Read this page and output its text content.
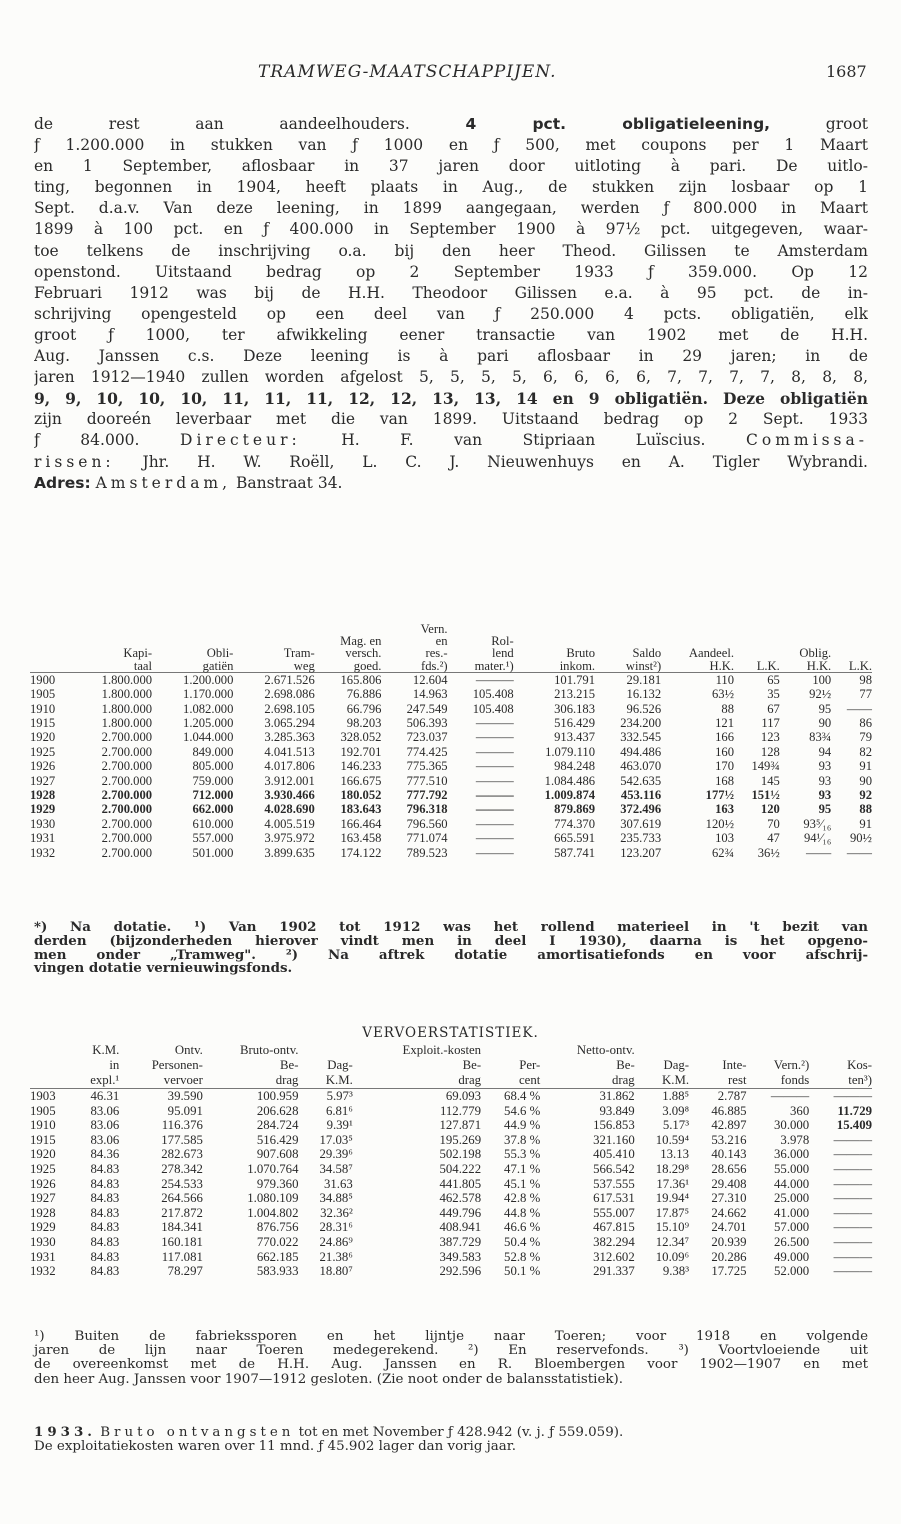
TRAMWEG-MAATSCHAPPIJEN.	1687
de rest aan aandeelhouders. 4 pct. obligatieleening, groot
ƒ 1.200.000 in stukken van ƒ 1000 en ƒ 500, met coupons per 1 Maart
en 1 September, aflosbaar in 37 jaren door uitloting à pari. De uitlo-
ting, begonnen in 1904, heeft plaats in Aug., de stukken zijn losbaar op 1
Sept. d.a.v. Van deze leening, in 1899 aangegaan, werden ƒ 800.000 in Maart
1899 à 100 pct. en ƒ 400.000 in September 1900 à 97½ pct. uitgegeven, waar-
toe telkens de inschrijving o.a. bij den heer Theod. Gilissen te Amsterdam
openstond. Uitstaand bedrag op 2 September 1933 ƒ 359.000. Op 12
Februari 1912 was bij de H.H. Theodoor Gilissen e.a. à 95 pct. de in-
schrijving opengesteld op een deel van ƒ 250.000 4 pcts. obligatiën, elk
groot ƒ 1000, ter afwikkeling eener transactie van 1902 met de H.H.
Aug. Janssen c.s. Deze leening is à pari aflosbaar in 29 jaren; in de
jaren 1912—1940 zullen worden afgelost 5, 5, 5, 5, 6, 6, 6, 6, 7, 7, 7, 7, 8, 8, 8,
9, 9, 10, 10, 10, 11, 11, 11, 12, 12, 13, 13, 14 en 9 obligatiën. Deze obligatiën
zijn dooreén leverbaar met die van 1899. Uitstaand bedrag op 2 Sept. 1933
ƒ 84.000. Directeur: H. F. van Stipriaan Luïscius. Commissa-
rissen: Jhr. H. W. Roëll, L. C. J. Nieuwenhuys en A. Tigler Wybrandi.
Adres: Amsterdam, Banstraat 34.
					Vern.							
				Mag. en	en	Rol-						
	Kapi-	Obli-	Tram-	versch.	res.-	lend	Bruto	Saldo	Aandeel.		Oblig.	
	taal	gatiën	weg	goed.	fds.²)	mater.¹)	inkom.	winst²)	H.K.	L.K.	H.K.	L.K.
1900	1.800.000	1.200.000	2.671.526	165.806	12.604	———	101.791	29.181	110	65	100	98
1905	1.800.000	1.170.000	2.698.086	76.886	14.963	105.408	213.215	16.132	63½	35	92½	77
1910	1.800.000	1.082.000	2.698.105	66.796	247.549	105.408	306.183	96.526	88	67	95	——
1915	1.800.000	1.205.000	3.065.294	98.203	506.393	———	516.429	234.200	121	117	90	86
1920	2.700.000	1.044.000	3.285.363	328.052	723.037	———	913.437	332.545	166	123	83¾	79
1925	2.700.000	849.000	4.041.513	192.701	774.425	———	1.079.110	494.486	160	128	94	82
1926	2.700.000	805.000	4.017.806	146.233	775.365	———	984.248	463.070	170	149¾	93	91
1927	2.700.000	759.000	3.912.001	166.675	777.510	———	1.084.486	542.635	168	145	93	90
1928	2.700.000	712.000	3.930.466	180.052	777.792	———	1.009.874	453.116	177½	151½	93	92
1929	2.700.000	662.000	4.028.690	183.643	796.318	———	879.869	372.496	163	120	95	88
1930	2.700.000	610.000	4.005.519	166.464	796.560	———	774.370	307.619	120½	70	93⁵⁄₁₆	91
1931	2.700.000	557.000	3.975.972	163.458	771.074	———	665.591	235.733	103	47	94¹⁄₁₆	90½
1932	2.700.000	501.000	3.899.635	174.122	789.523	———	587.741	123.207	62¾	36½	——	——
*) Na dotatie. ¹) Van 1902 tot 1912 was het rollend materieel in 't bezit van
derden (bijzonderheden hierover vindt men in deel I 1930), daarna is het opgeno-
men onder „Tramweg". ²) Na aftrek dotatie amortisatiefonds en voor afschrij-
vingen dotatie vernieuwingsfonds.
VERVOERSTATISTIEK.
	K.M.	Ontv.	Bruto-ontv.		Exploit.-kosten		Netto-ontv.				
	in	Personen-	Be-	Dag-	Be-	Per-	Be-	Dag-	Inte-	Vern.²)	Kos-
	expl.¹	vervoer	drag	K.M.	drag	cent	drag	K.M.	rest	fonds	ten³)
1903	46.31	39.590	100.959	5.97³	69.093	68.4 %	31.862	1.88⁵	2.787	———	———
1905	83.06	95.091	206.628	6.81⁶	112.779	54.6 %	93.849	3.09⁸	46.885	360	11.729
1910	83.06	116.376	284.724	9.39¹	127.871	44.9 %	156.853	5.17³	42.897	30.000	15.409
1915	83.06	177.585	516.429	17.03⁵	195.269	37.8 %	321.160	10.59⁴	53.216	3.978	———
1920	84.36	282.673	907.608	29.39⁶	502.198	55.3 %	405.410	13.13	40.143	36.000	———
1925	84.83	278.342	1.070.764	34.58⁷	504.222	47.1 %	566.542	18.29⁸	28.656	55.000	———
1926	84.83	254.533	979.360	31.63	441.805	45.1 %	537.555	17.36¹	29.408	44.000	———
1927	84.83	264.566	1.080.109	34.88⁵	462.578	42.8 %	617.531	19.94⁴	27.310	25.000	———
1928	84.83	217.872	1.004.802	32.36²	449.796	44.8 %	555.007	17.87⁵	24.662	41.000	———
1929	84.83	184.341	876.756	28.31⁶	408.941	46.6 %	467.815	15.10⁹	24.701	57.000	———
1930	84.83	160.181	770.022	24.86⁹	387.729	50.4 %	382.294	12.34⁷	20.939	26.500	———
1931	84.83	117.081	662.185	21.38⁶	349.583	52.8 %	312.602	10.09⁶	20.286	49.000	———
1932	84.83	78.297	583.933	18.80⁷	292.596	50.1 %	291.337	9.38³	17.725	52.000	———
¹) Buiten de fabriekssporen en het lijntje naar Toeren; voor 1918 en volgende
jaren de lijn naar Toeren medegerekend. ²) En reservefonds. ³) Voortvloeiende uit
de overeenkomst met de H.H. Aug. Janssen en R. Bloembergen voor 1902—1907 en met
den heer Aug. Janssen voor 1907—1912 gesloten. (Zie noot onder de balansstatistiek).
1933. Bruto ontvangsten tot en met November ƒ 428.942 (v. j. ƒ 559.059).
De exploitatiekosten waren over 11 mnd. ƒ 45.902 lager dan vorig jaar.
